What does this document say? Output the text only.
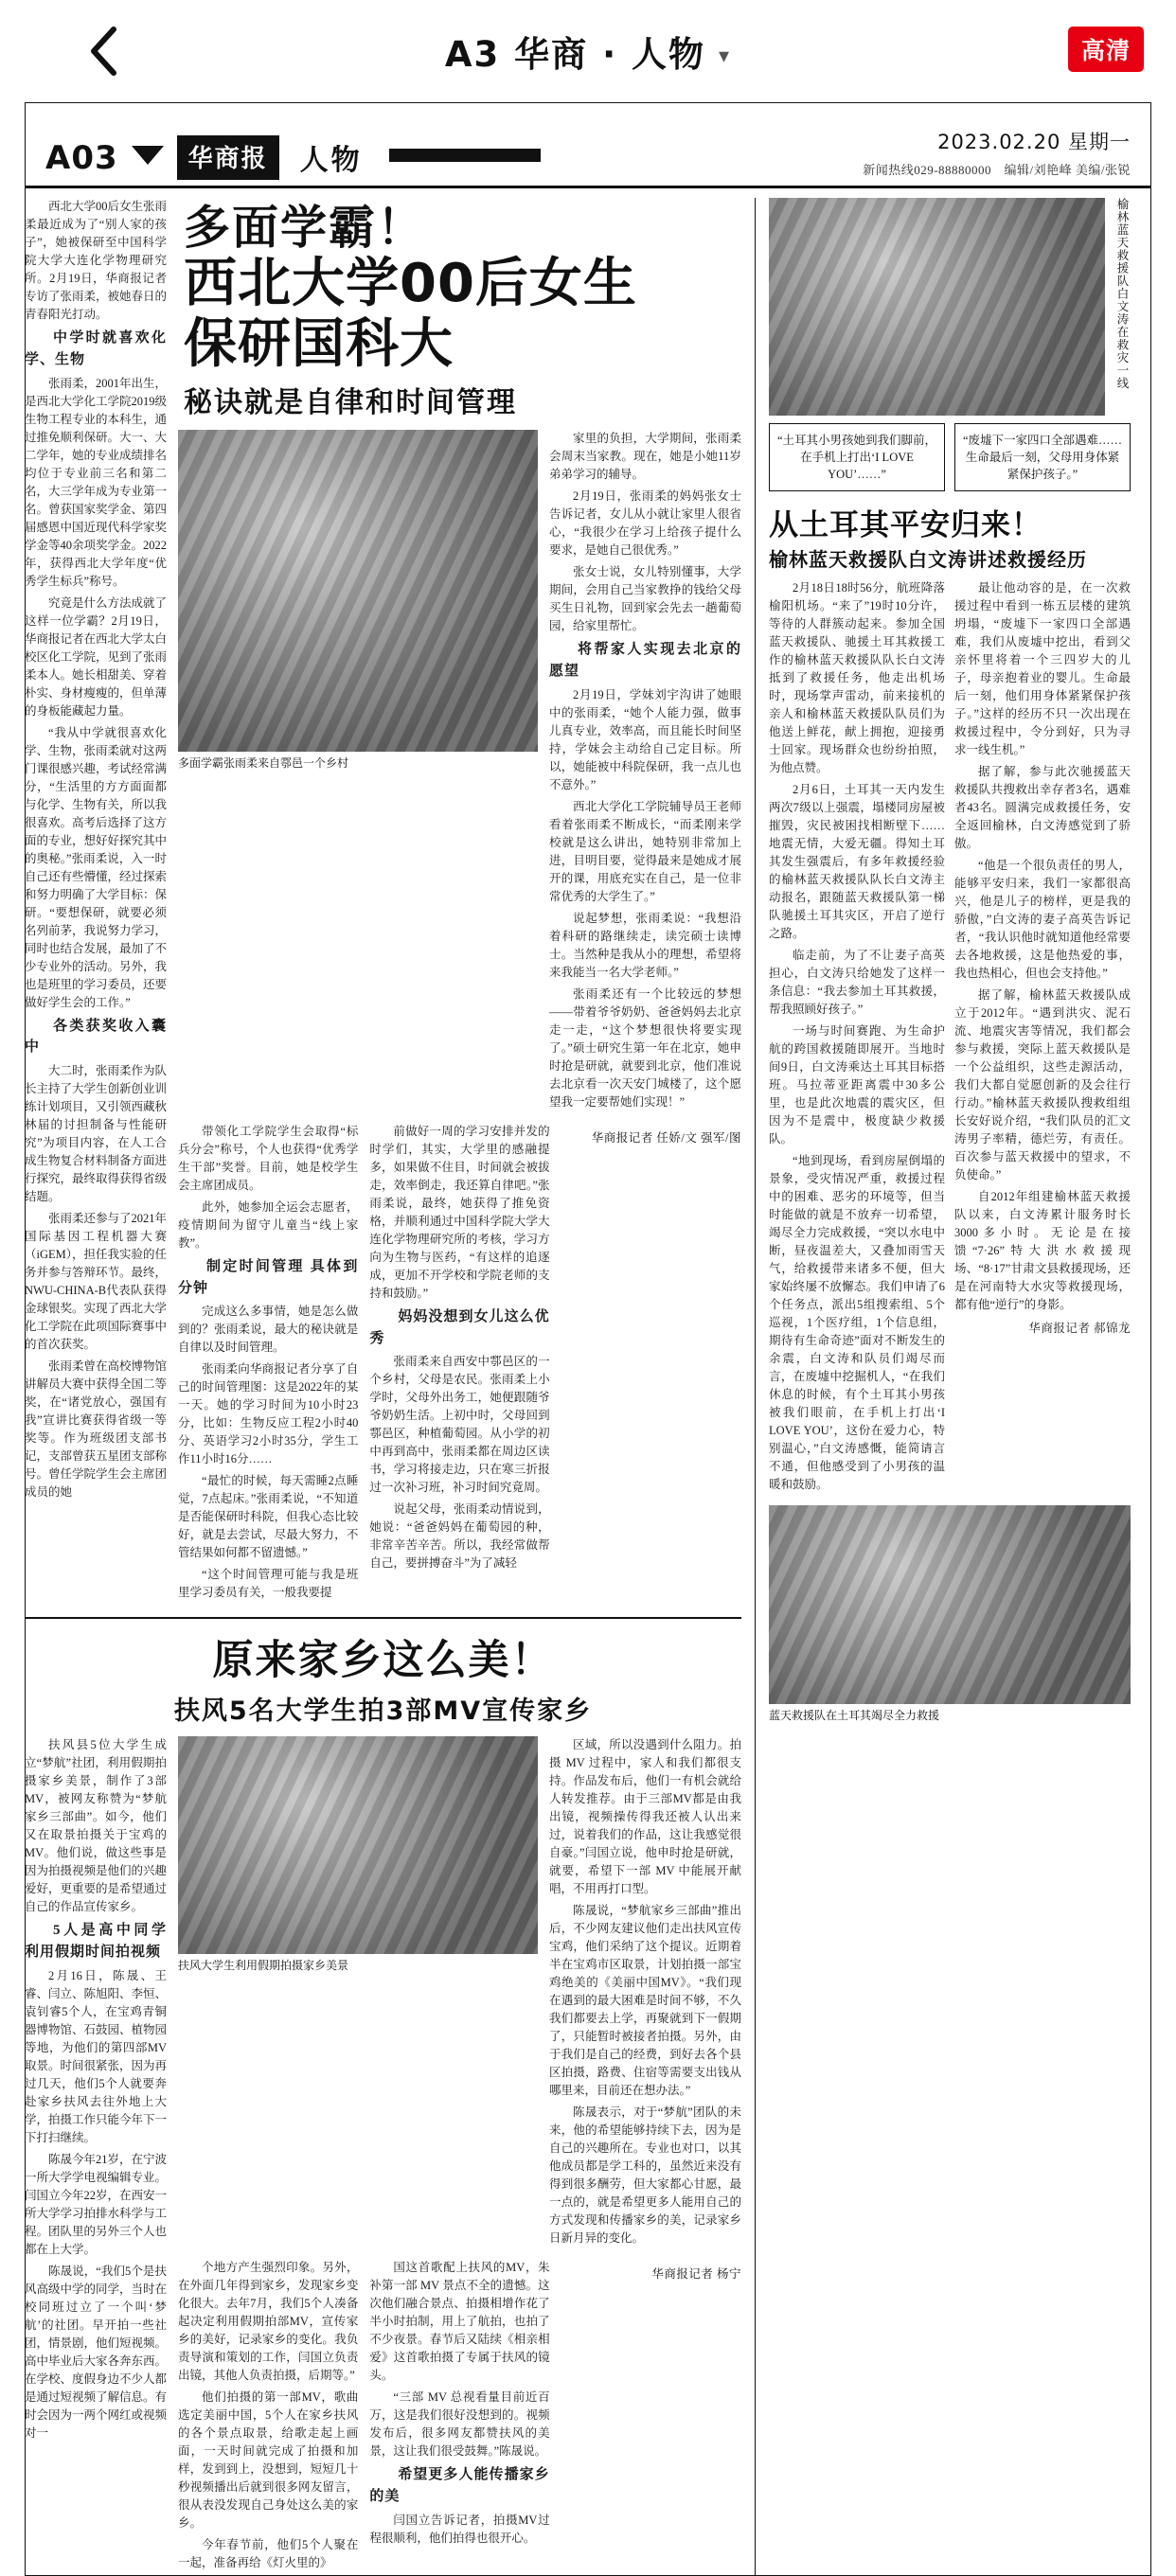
A3 华商 · 人物 ▾	高清
A03	华商报	人物
2023.02.20 星期一
新闻热线029-88880000　编辑/刘艳峰 美编/张锐

西北大学00后女生张雨柔最近成为了“别人家的孩子”，她被保研至中国科学院大学大连化学物理研究所。2月19日，华商报记者专访了张雨柔，被她春日的青春阳光打动。

中学时就喜欢化学、生物

张雨柔，2001年出生，是西北大学化工学院2019级生物工程专业的本科生，通过推免顺利保研。大一、大二学年，她的专业成绩排名均位于专业前三名和第二名，大三学年成为专业第一名。曾获国家奖学金、第四届感恩中国近现代科学家奖学金等40余项奖学金。2022年，获得西北大学年度“优秀学生标兵”称号。

究竟是什么方法成就了这样一位学霸？2月19日，华商报记者在西北大学太白校区化工学院，见到了张雨柔本人。她长相甜美、穿着朴实、身材瘦瘦的，但单薄的身板能藏起力量。

“我从中学就很喜欢化学、生物，张雨柔就对这两门课很感兴趣，考试经常满分，“生活里的方方面面都与化学、生物有关，所以我很喜欢。高考后选择了这方面的专业，想好好探究其中的奥秘。”张雨柔说，入一时自己还有些懵懂，经过探索和努力明确了大学目标：保研。“要想保研，就要必须名列前茅，我说努力学习，同时也结合发展，最加了不少专业外的活动。另外，我也是班里的学习委员，还要做好学生会的工作。”

各类获奖收入囊中

大二时，张雨柔作为队长主持了大学生创新创业训练计划项目，又引领西藏秋林届的讨担制备与性能研究”为项目内容，在人工合成生物复合材料制备方面进行探究，最终取得获得省级结题。

张雨柔还参与了2021年国际基因工程机器大赛（iGEM），担任我实验的任务并参与答辩环节。最终，NWU-CHINA-B代表队获得金球银奖。实现了西北大学化工学院在此项国际赛事中的首次获奖。

张雨柔曾在高校博物馆讲解员大赛中获得全国二等奖，在“诸党放心，强国有我”宣讲比赛获得省级一等奖等。作为班级团支部书记，支部曾获五星团支部称号。曾任学院学生会主席团成员的她

多面学霸！
西北大学00后女生
保研国科大
秘诀就是自律和时间管理
多面学霸张雨柔来自鄠邑一个乡村

家里的负担，大学期间，张雨柔会周末当家教。现在，她是小她11岁弟弟学习的辅导。

2月19日，张雨柔的妈妈张女士告诉记者，女儿从小就让家里人很省心，“我很少在学习上给孩子提什么要求，是她自己很优秀。”

张女士说，女儿特别懂事，大学期间，会用自己当家教挣的钱给父母买生日礼物，回到家会先去一趟葡萄园，给家里帮忙。

将帮家人实现去北京的愿望

2月19日，学妹刘宇沟讲了她眼中的张雨柔，“她个人能力强，做事儿真专业，效率高，而且能长时间坚持，学妹会主动给自己定目标。所以，她能被中科院保研，我一点儿也不意外。”

西北大学化工学院辅导员王老师看着张雨柔不断成长，“而柔刚来学校就是这么讲出，她特别非常加上进，目明目要，觉得最来是她成才展开的课，用底充实在自己，是一位非常优秀的大学生了。”

说起梦想，张雨柔说：“我想沿着科研的路继续走，读完硕士读博士。当然种是我从小的理想，希望将来我能当一名大学老师。”

张雨柔还有一个比较远的梦想——带着爷爷奶奶、爸爸妈妈去北京走一走，“这个梦想很快将要实现了。”硕士研究生第一年在北京，她申时抢是研就，就要到北京，他们准说去北京看一次天安门城楼了，这个愿望我一定要帮她们实现！”

带领化工学院学生会取得“标兵分会”称号，个人也获得“优秀学生干部”奖誉。目前，她是校学生会主席团成员。

此外，她参加全运会志愿者，疫情期间为留守儿童当“线上家教”。

制定时间管理 具体到分钟

完成这么多事情，她是怎么做到的？张雨柔说，最大的秘诀就是自律以及时间管理。

张雨柔向华商报记者分享了自己的时间管理图：这是2022年的某一天。她的学习时间为10小时23分，比如：生物反应工程2小时40分、英语学习2小时35分，学生工作11小时16分……

“最忙的时候，每天需睡2点睡觉，7点起床。”张雨柔说，“不知道是否能保研时科院，但我心态比较好，就是去尝试，尽最大努力，不管结果如何都不留遗憾。”

“这个时间管理可能与我是班里学习委员有关，一般我要提

前做好一周的学习安排并发的时学们，其实，大学里的感融提多，如果做不住目，时间就会被拔走，效率倒走，我还算自律吧。”张雨柔说，最终，她获得了推免资格，并顺利通过中国科学院大学大连化学物理研究所的考核，学习方向为生物与医药，“有这样的追逐成，更加不开学校和学院老师的支持和鼓励。”

妈妈没想到女儿这么优秀

张雨柔来自西安中鄠邑区的一个乡村，父母是农民。张雨柔上小学时，父母外出务工，她便跟随爷爷奶奶生活。上初中时，父母回到鄠邑区，种植葡萄园。从小学的初中再到高中，张雨柔都在周边区读书，学习将接走边，只在寒三折报过一次补习班，补习时间究竟周。

说起父母，张雨柔动情说到，她说：“爸爸妈妈在葡萄园的种，非常辛苦辛苦。所以，我经常做帮自己，要拼搏奋斗”为了减轻

华商报记者 任娇/文 强军/图
原来家乡这么美！
扶风5名大学生拍3部MV宣传家乡

扶风县5位大学生成立“梦航”社团，利用假期拍摄家乡美景，制作了3部MV，被网友称赞为“梦航家乡三部曲”。如今，他们又在取景拍摄关于宝鸡的MV。他们说，做这些事是因为拍摄视频是他们的兴趣爱好，更重要的是希望通过自己的作品宣传家乡。

5人是高中同学 利用假期时间拍视频

2月16日，陈晟、王睿、闫立、陈旭阳、李恒、袁钊睿5个人，在宝鸡青铜器博物馆、石鼓园、植物园等地，为他们的第四部MV取景。时间很紧张，因为再过几天，他们5个人就要奔赴家乡扶风去往外地上大学，拍摄工作只能今年下一下打扫继续。

陈晟今年21岁，在宁波一所大学学电视编辑专业。闫国立今年22岁，在西安一所大学学习拍排水科学与工程。团队里的另外三个人也都在上大学。

陈晟说，“我们5个是扶风高级中学的同学，当时在校同班过立了一个叫‘梦航’的社团。早开拍一些社团，情景剧，他们短视频。高中毕业后大家各奔东西。在学校、度假身边不少人都是通过短视频了解信息。有时会因为一两个网红或视频对一

扶风大学生利用假期拍摄家乡美景

区域，所以没遇到什么阻力。拍摄 MV 过程中，家人和我们都很支持。作品发布后，他们一有机会就给人转发推荐。由于三部MV都是由我出镜，视频操传得我还被人认出来过，说着我们的作品，这让我感觉很自豪。”闫国立说，他申时抢是研就，就要，希望下一部 MV 中能展开献唱，不用再打口型。

陈晟说，“梦航家乡三部曲”推出后，不少网友建议他们走出扶风宣传宝鸡，他们采纳了这个提议。近期着半在宝鸡市区取景，计划拍摄一部宝鸡绝美的《美丽中国MV》。“我们现在遇到的最大困难是时间不够，不久我们都要去上学，再聚就到下一假期了，只能暂时被接者拍摄。另外，由于我们是自己的经费，到好去各个县区拍摄，路费、住宿等需要支出钱从哪里来，目前还在想办法。”

陈晟表示，对于“梦航”团队的未来，他的希望能够持续下去，因为是自己的兴趣所在。专业也对口，以其他成员都是学工科的，虽然近来没有得到很多酬劳，但大家都心甘愿，最一点的，就是希望更多人能用自己的方式发现和传播家乡的美，记录家乡日新月异的变化。

个地方产生强烈印象。另外，在外面几年得到家乡，发现家乡变化很大。去年7月，我们5个人凑备起决定利用假期拍部MV，宣传家乡的美好，记录家乡的变化。我负责导演和策划的工作，闫国立负责出镜，其他人负责拍摄，后期等。”

他们拍摄的第一部MV，歌曲选定美丽中国，5个人在家乡扶风的各个景点取景，给歌走起上画面，一天时间就完成了拍摄和加样，发到到上，没想到，短短几十秒视频播出后就到很多网友留言，很从表没发现自己身处这么美的家乡。

今年春节前，他们5个人聚在一起，准备再给《灯火里的》

国这首歌配上扶风的MV，朱补第一部 MV 景点不全的遗憾。这次他们融合景点、拍摄相增作花了半小时拍制，用上了航拍，也拍了不少夜景。春节后又陆续《相亲相爱》这首歌拍摄了专属于扶风的镜头。

“三部 MV 总视看量目前近百万，这是我们很好没想到的。视频发布后，很多网友都赞扶风的美景，这让我们很受鼓舞。”陈晟说。

希望更多人能传播家乡的美

闫国立告诉记者，拍摄MV过程很顺利，他们拍得也很开心。

华商报记者 杨宁
榆林蓝天救援队白文涛在救灾一线
“土耳其小男孩她到我们脚前，在手机上打出‘I LOVE YOU’……”
“废墟下一家四口全部遇难……生命最后一刻，父母用身体紧紧保护孩子。”
从土耳其平安归来！
榆林蓝天救援队白文涛讲述救援经历

2月18日18时56分，航班降落榆阳机场。“来了”19时10分许，等待的人群簇动起来。参加全国蓝天救援队、驰援土耳其救援工作的榆林蓝天救援队队长白文涛抵到了救援任务，他走出机场时，现场掌声雷动，前来接机的亲人和榆林蓝天救援队队员们为他送上鲜花，献上拥抱，迎接勇士回家。现场群众也纷纷拍照，为他点赞。

2月6日，土耳其一天内发生两次7级以上强震，塌楼同房屋被摧毁，灾民被困找相断壁下……地震无情，大爱无疆。得知土耳其发生强震后，有多年救援经验的榆林蓝天救援队队长白文涛主动报名，跟随蓝天救援队第一梯队驰援土耳其灾区，开启了逆行之路。

临走前，为了不让妻子高英担心，白文涛只给她发了这样一条信息：“我去参加土耳其救援，帮我照顾好孩子。”

一场与时间赛跑、为生命护航的跨国救援随即展开。当地时间9日，白文涛乘达土耳其目标搭班。马拉蒂亚距离震中30多公里，也是此次地震的震灾区，但因为不是震中，极度缺少救援队。

“地到现场，看到房屋倒塌的景象，受灾情况严重，救援过程中的困难、恶劣的环境等，但当时能做的就是不放弃一切希望，竭尽全力完成救援，“突以水电中断，昼夜温差大，又叠加雨雪天气，给救援带来诸多不便，但大家始终屡不放懈态。我们申请了6个任务点，派出5组搜索组、5个巡视，1个医疗组，1个信息组，期待有生命奇迹”面对不断发生的余震，白文涛和队员们竭尽而言，在废墟中挖掘机人，“在我们休息的时候，有个土耳其小男孩被我们眼前，在手机上打出‘I LOVE YOU’，这份在爱力心，特别温心，”白文涛感慨，能简请言不通，但他感受到了小男孩的温暖和鼓励。

最让他动容的是，在一次救援过程中看到一栋五层楼的建筑坍塌，“废墟下一家四口全部遇难，我们从废墟中挖出，看到父亲怀里将着一个三四岁大的儿子，母亲抱着业的婴儿。生命最后一刻，他们用身体紧紧保护孩子。”这样的经历不只一次出现在救援过程中，令分到好，只为寻求一线生机。”

据了解，参与此次驰援蓝天救援队共搜救出幸存者3名，遇难者43名。圆满完成救援任务，安全返回榆林，白文涛感觉到了骄傲。

“他是一个很负责任的男人，能够平安归来，我们一家都很高兴，他是儿子的榜样，更是我的骄傲，”白文涛的妻子高英告诉记者，“我认识他时就知道他经常要去各地救援，这是他热爱的事，我也热相心，但也会支持他。”

据了解，榆林蓝天救援队成立于2012年。“遇到洪灾、泥石流、地震灾害等情况，我们都会参与救援，突际上蓝天救援队是一个公益组织，这些走源活动，我们大都自觉愿创新的及会往行行动。”榆林蓝天救援队搜救组组长安好说介绍，“我们队员的汇文涛男子率精，德烂劳，有责任。百次参与蓝天救援中的望求，不负使命。”

自2012年组建榆林蓝天救援队以来，白文涛累计服务时长3000多小时。无论是在接馈“7·26”特大洪水救援现场、“8·17”甘肃文县救援现场，还是在河南特大水灾等救援现场，都有他“逆行”的身影。

华商报记者 郝锦龙
蓝天救援队在土耳其竭尽全力救援
